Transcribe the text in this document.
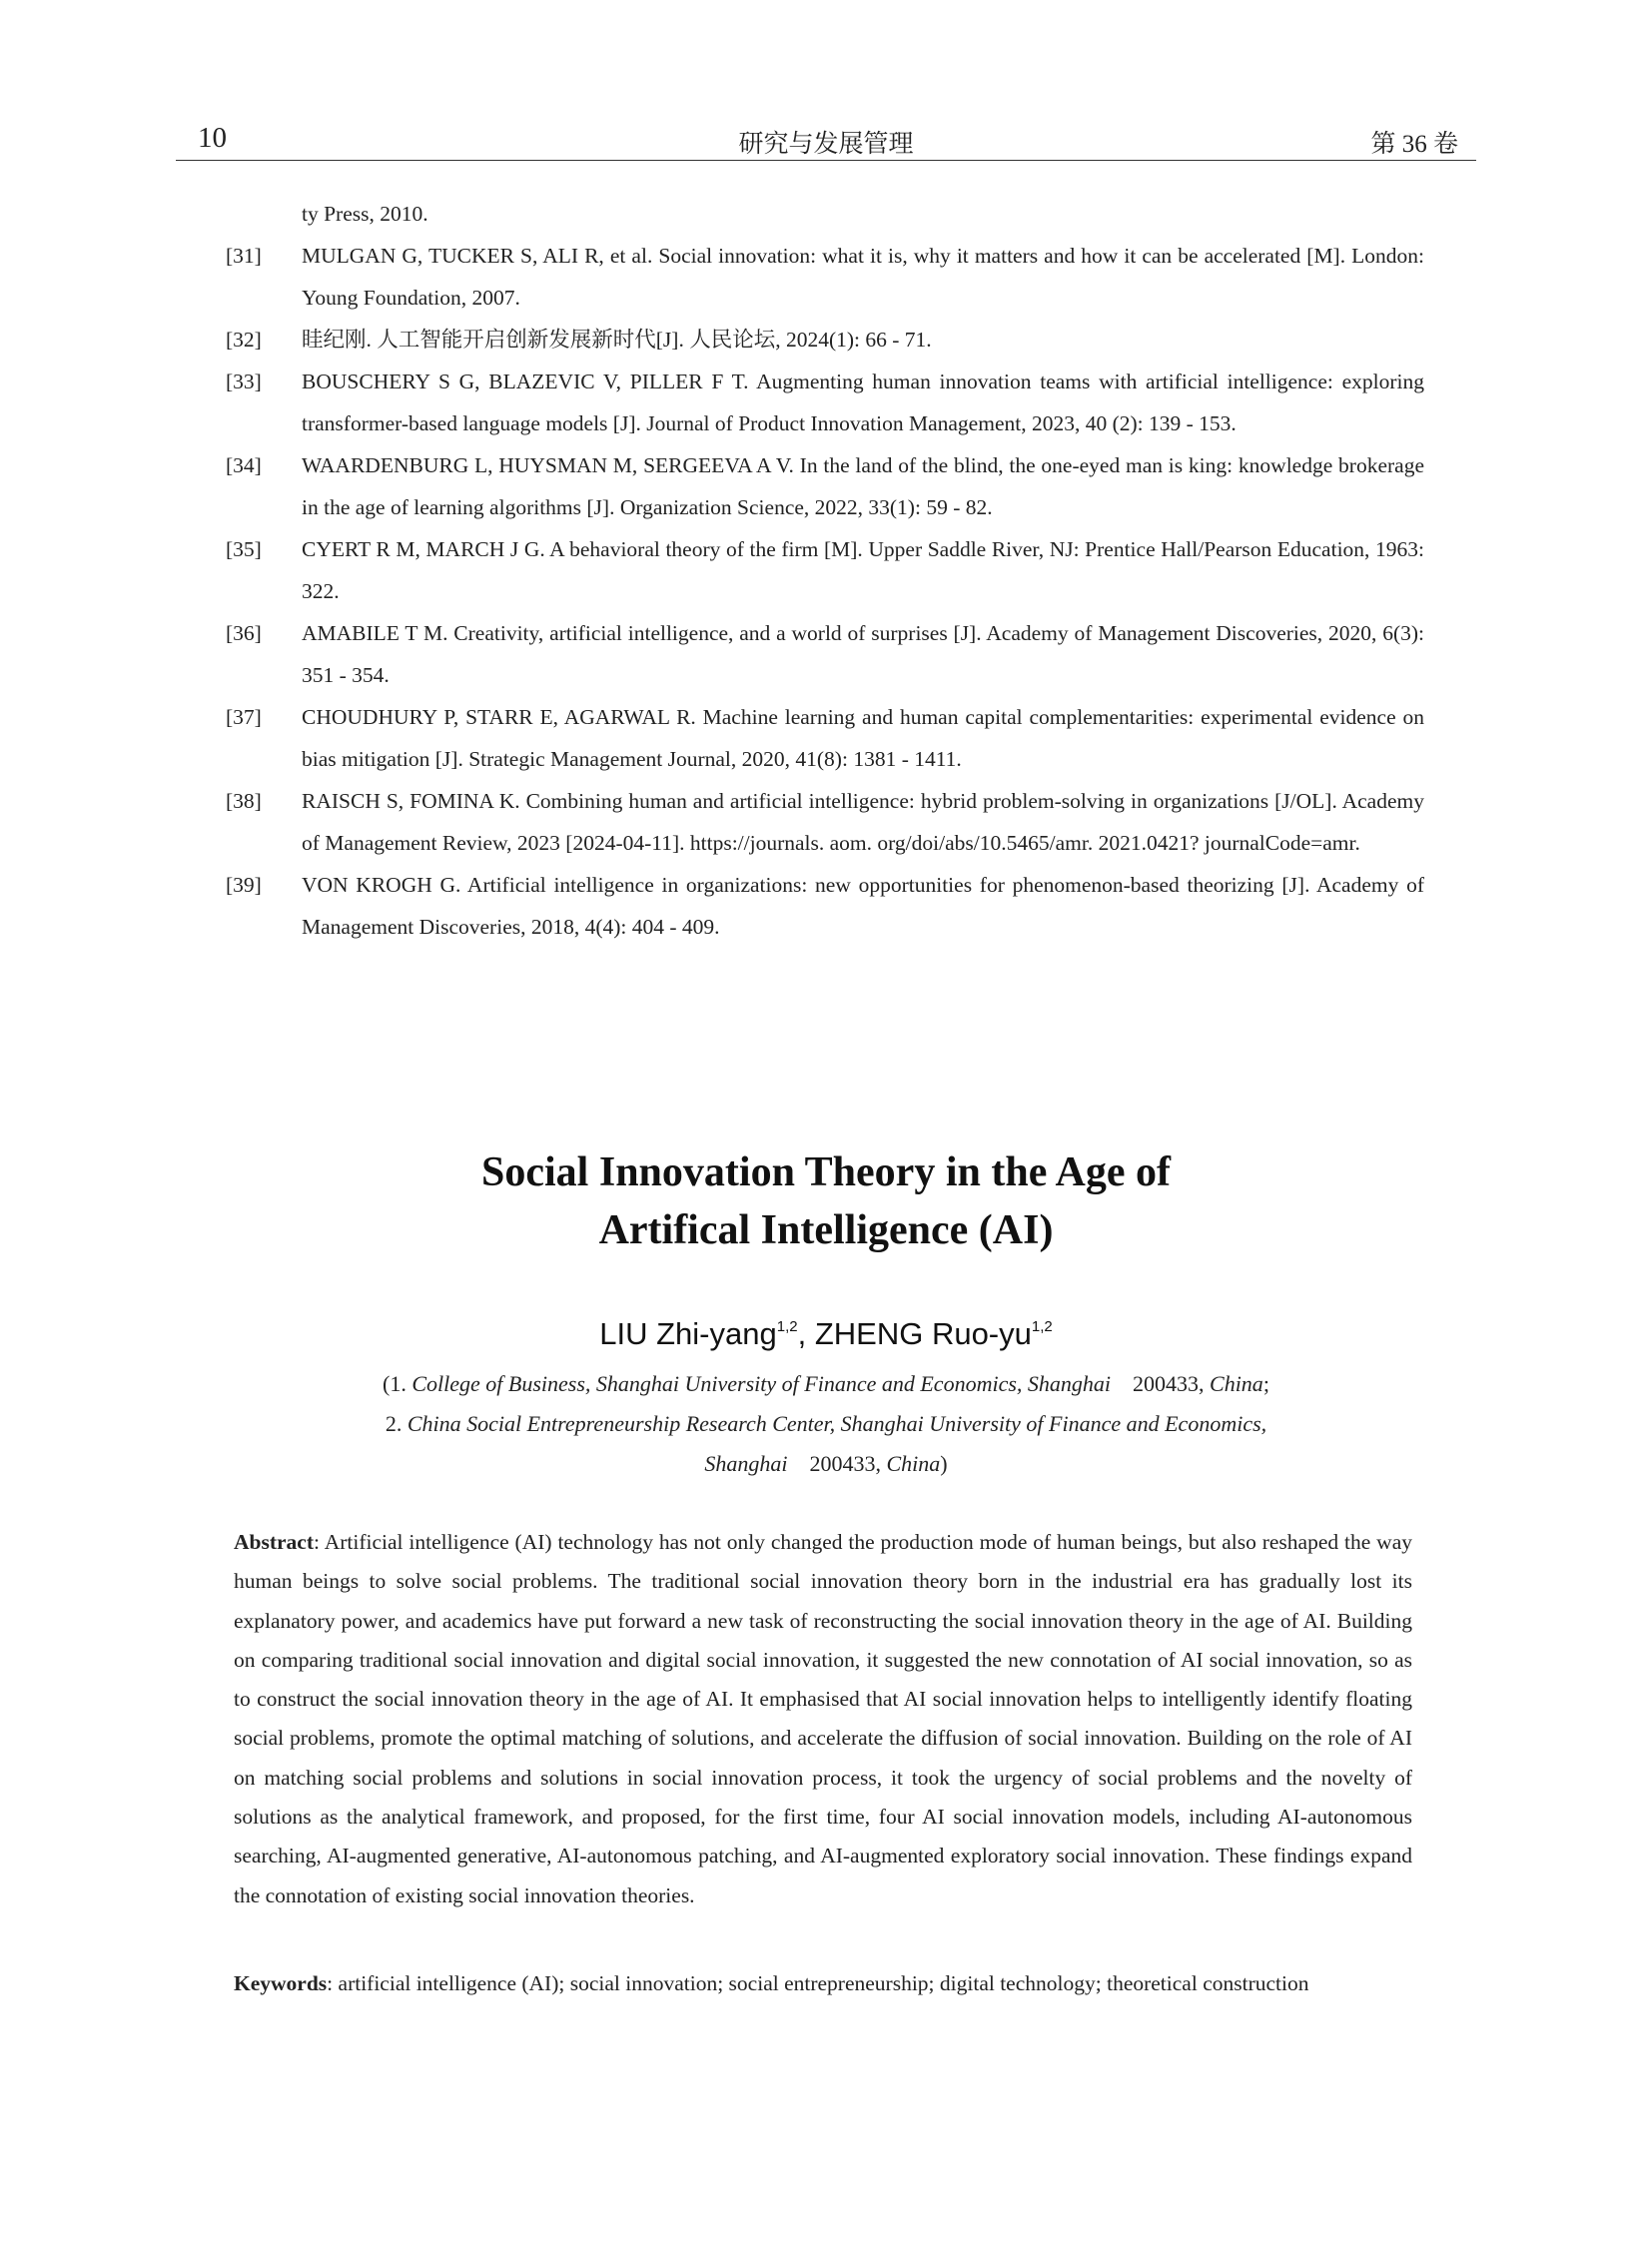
10	研究与发展管理	第 36 卷
ty Press, 2010.
[31] MULGAN G, TUCKER S, ALI R, et al. Social innovation: what it is, why it matters and how it can be accelerated [M]. London: Young Foundation, 2007.
[32] 眭纪刚. 人工智能开启创新发展新时代[J]. 人民论坛, 2024(1): 66 - 71.
[33] BOUSCHERY S G, BLAZEVIC V, PILLER F T. Augmenting human innovation teams with artificial intelligence: exploring transformer-based language models [J]. Journal of Product Innovation Management, 2023, 40 (2): 139 - 153.
[34] WAARDENBURG L, HUYSMAN M, SERGEEVA A V. In the land of the blind, the one-eyed man is king: knowledge brokerage in the age of learning algorithms [J]. Organization Science, 2022, 33(1): 59 - 82.
[35] CYERT R M, MARCH J G. A behavioral theory of the firm [M]. Upper Saddle River, NJ: Prentice Hall/Pearson Education, 1963: 322.
[36] AMABILE T M. Creativity, artificial intelligence, and a world of surprises [J]. Academy of Management Discoveries, 2020, 6(3): 351 - 354.
[37] CHOUDHURY P, STARR E, AGARWAL R. Machine learning and human capital complementarities: experimental evidence on bias mitigation [J]. Strategic Management Journal, 2020, 41(8): 1381 - 1411.
[38] RAISCH S, FOMINA K. Combining human and artificial intelligence: hybrid problem-solving in organizations [J/OL]. Academy of Management Review, 2023 [2024-04-11]. https://journals. aom. org/doi/abs/10.5465/amr. 2021.0421? journalCode=amr.
[39] VON KROGH G. Artificial intelligence in organizations: new opportunities for phenomenon-based theorizing [J]. Academy of Management Discoveries, 2018, 4(4): 404 - 409.
Social Innovation Theory in the Age of
Artifical Intelligence (AI)
LIU Zhi-yang$^{1,2}$, ZHENG Ruo-yu$^{1,2}$
(1. College of Business, Shanghai University of Finance and Economics, Shanghai 200433, China;
2. China Social Entrepreneurship Research Center, Shanghai University of Finance and Economics,
Shanghai 200433, China)
Abstract: Artificial intelligence (AI) technology has not only changed the production mode of human beings, but also reshaped the way human beings to solve social problems. The traditional social innovation theory born in the industrial era has gradually lost its explanatory power, and academics have put forward a new task of reconstructing the social innovation theory in the age of AI. Building on comparing traditional social innovation and digital social innovation, it suggested the new connotation of AI social innovation, so as to construct the social innovation theory in the age of AI. It emphasised that AI social innovation helps to intelligently identify floating social problems, promote the optimal matching of solutions, and accelerate the diffusion of social innovation. Building on the role of AI on matching social problems and solutions in social innovation process, it took the urgency of social problems and the novelty of solutions as the analytical framework, and proposed, for the first time, four AI social innovation models, including AI-autonomous searching, AI-augmented generative, AI-autonomous patching, and AI-augmented exploratory social innovation. These findings expand the connotation of existing social innovation theories.
Keywords: artificial intelligence (AI); social innovation; social entrepreneurship; digital technology; theoretical construction
